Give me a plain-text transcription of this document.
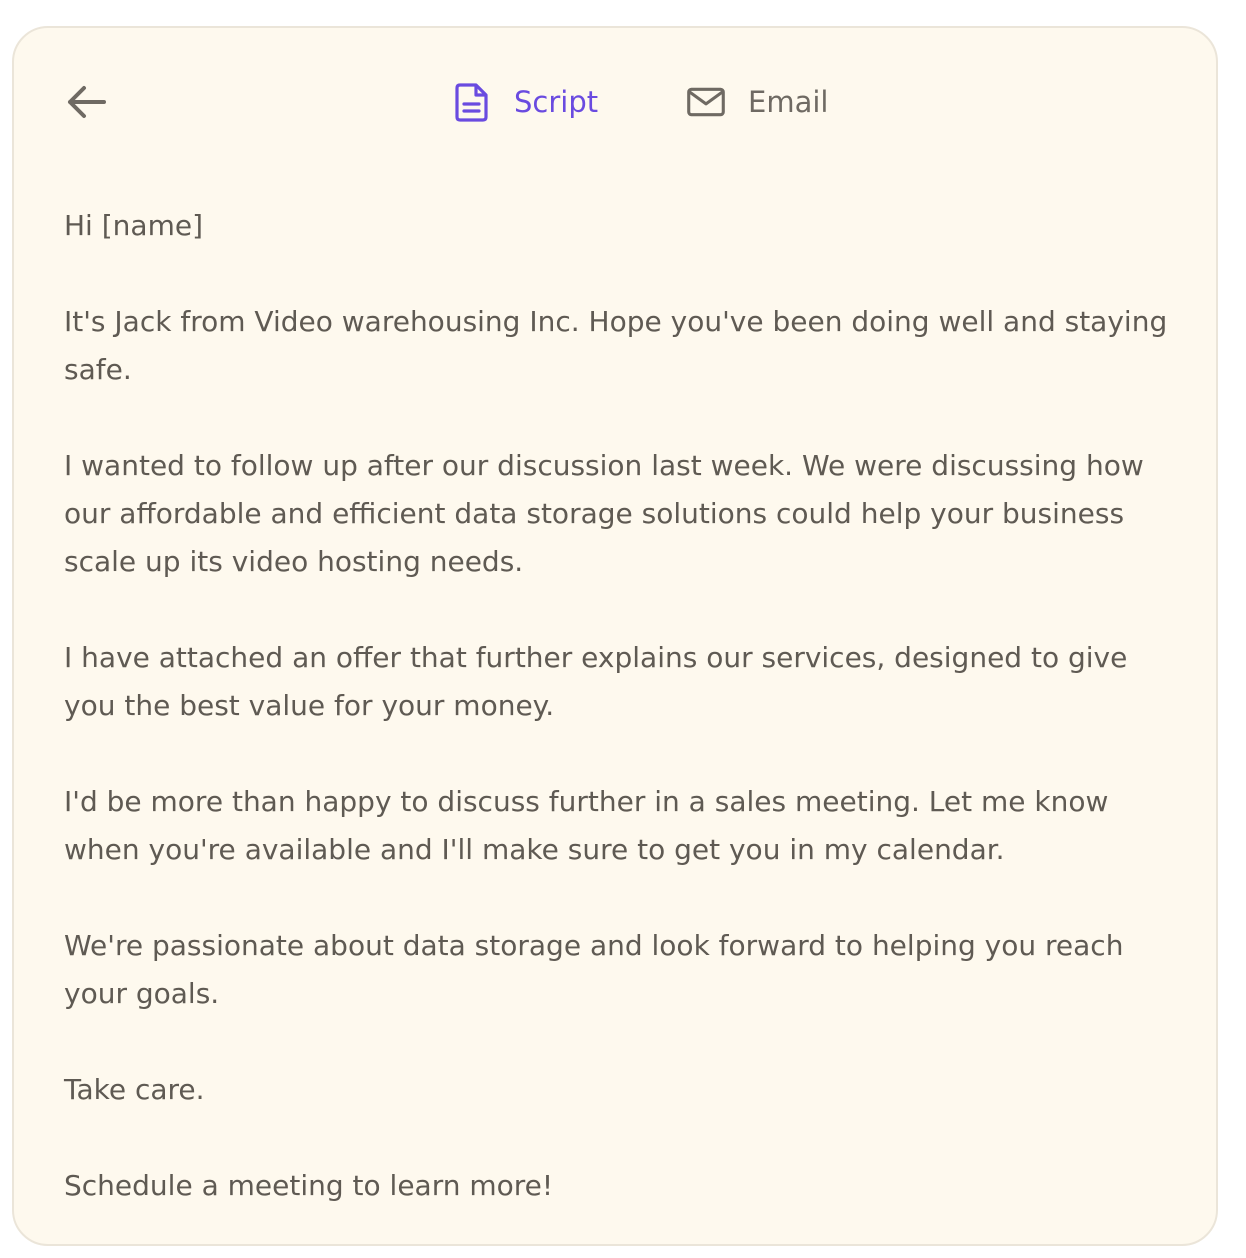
Script	Email

Hi [name]

It's Jack from Video warehousing Inc. Hope you've been doing well and staying safe.

I wanted to follow up after our discussion last week. We were discussing how our affordable and efficient data storage solutions could help your business scale up its video hosting needs.

I have attached an offer that further explains our services, designed to give you the best value for your money.

I'd be more than happy to discuss further in a sales meeting. Let me know when you're available and I'll make sure to get you in my calendar.

We're passionate about data storage and look forward to helping you reach your goals.

Take care.

Schedule a meeting to learn more!
